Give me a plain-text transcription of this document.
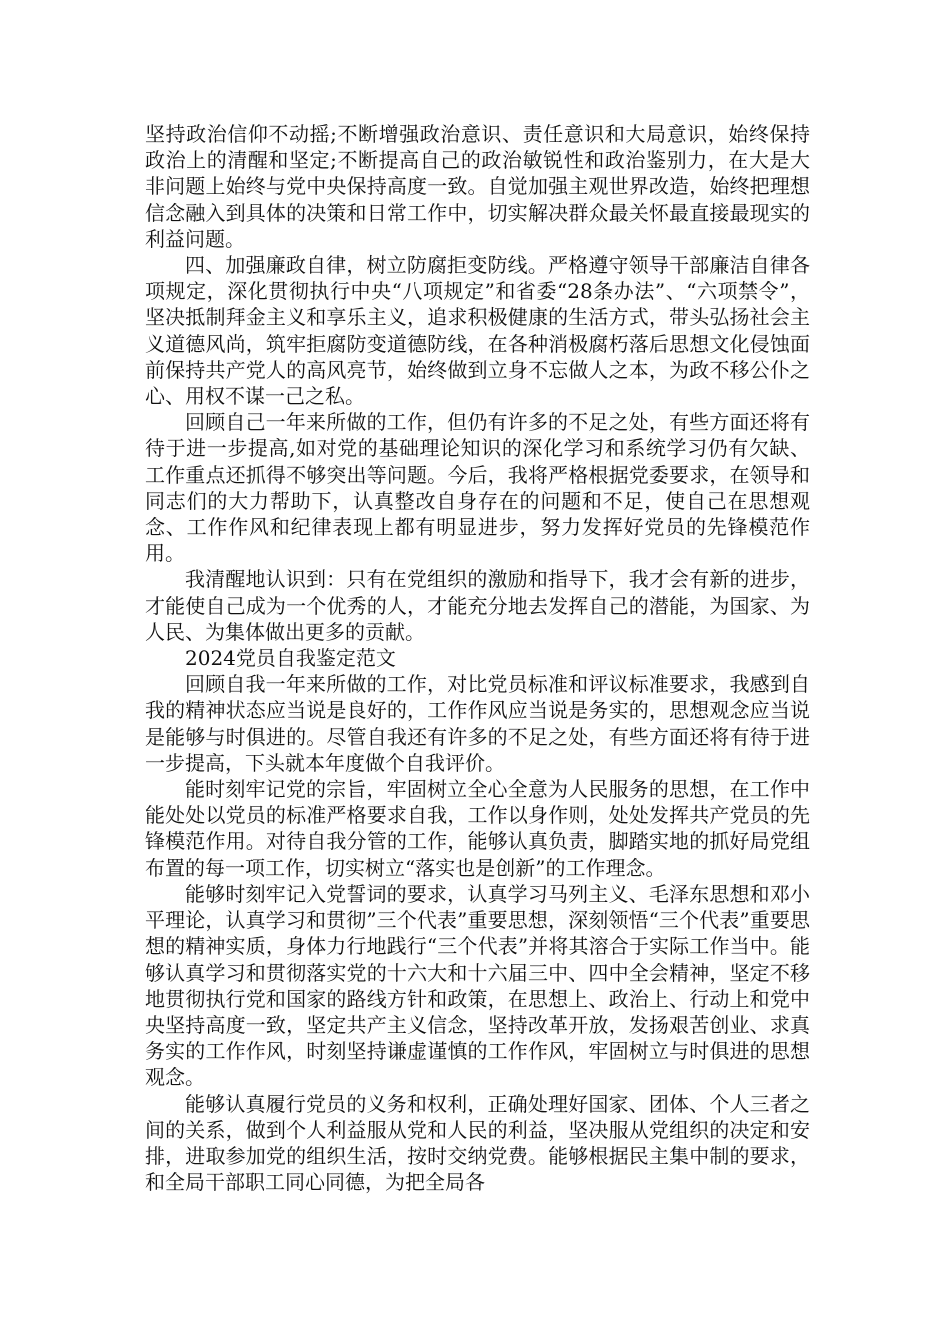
坚持政治信仰不动摇;不断增强政治意识、责任意识和大局意识，始终保持政治上的清醒和坚定;不断提高自己的政治敏锐性和政治鉴别力，在大是大非问题上始终与党中央保持高度一致。自觉加强主观世界改造，始终把理想信念融入到具体的决策和日常工作中，切实解决群众最关怀最直接最现实的利益问题。

四、加强廉政自律，树立防腐拒变防线。严格遵守领导干部廉洁自律各项规定，深化贯彻执行中央“八项规定”和省委“28条办法”、“六项禁令”，坚决抵制拜金主义和享乐主义，追求积极健康的生活方式，带头弘扬社会主义道德风尚，筑牢拒腐防变道德防线，在各种消极腐朽落后思想文化侵蚀面前保持共产党人的高风亮节，始终做到立身不忘做人之本，为政不移公仆之心、用权不谋一己之私。

回顾自己一年来所做的工作，但仍有许多的不足之处，有些方面还将有待于进一步提高,如对党的基础理论知识的深化学习和系统学习仍有欠缺、工作重点还抓得不够突出等问题。今后，我将严格根据党委要求，在领导和同志们的大力帮助下，认真整改自身存在的问题和不足，使自己在思想观念、工作作风和纪律表现上都有明显进步，努力发挥好党员的先锋模范作用。

我清醒地认识到：只有在党组织的激励和指导下，我才会有新的进步，才能使自己成为一个优秀的人，才能充分地去发挥自己的潜能，为国家、为人民、为集体做出更多的贡献。

2024党员自我鉴定范文

回顾自我一年来所做的工作，对比党员标准和评议标准要求，我感到自我的精神状态应当说是良好的，工作作风应当说是务实的，思想观念应当说是能够与时俱进的。尽管自我还有许多的不足之处，有些方面还将有待于进一步提高，下头就本年度做个自我评价。

能时刻牢记党的宗旨，牢固树立全心全意为人民服务的思想，在工作中能处处以党员的标准严格要求自我，工作以身作则，处处发挥共产党员的先锋模范作用。对待自我分管的工作，能够认真负责，脚踏实地的抓好局党组布置的每一项工作，切实树立“落实也是创新”的工作理念。

能够时刻牢记入党誓词的要求，认真学习马列主义、毛泽东思想和邓小平理论，认真学习和贯彻”三个代表”重要思想，深刻领悟“三个代表”重要思想的精神实质，身体力行地践行“三个代表”并将其溶合于实际工作当中。能够认真学习和贯彻落实党的十六大和十六届三中、四中全会精神，坚定不移地贯彻执行党和国家的路线方针和政策，在思想上、政治上、行动上和党中央坚持高度一致，坚定共产主义信念，坚持改革开放，发扬艰苦创业、求真务实的工作作风，时刻坚持谦虚谨慎的工作作风，牢固树立与时俱进的思想观念。

能够认真履行党员的义务和权利，正确处理好国家、团体、个人三者之间的关系，做到个人利益服从党和人民的利益，坚决服从党组织的决定和安排，进取参加党的组织生活，按时交纳党费。能够根据民主集中制的要求，和全局干部职工同心同德，为把全局各
